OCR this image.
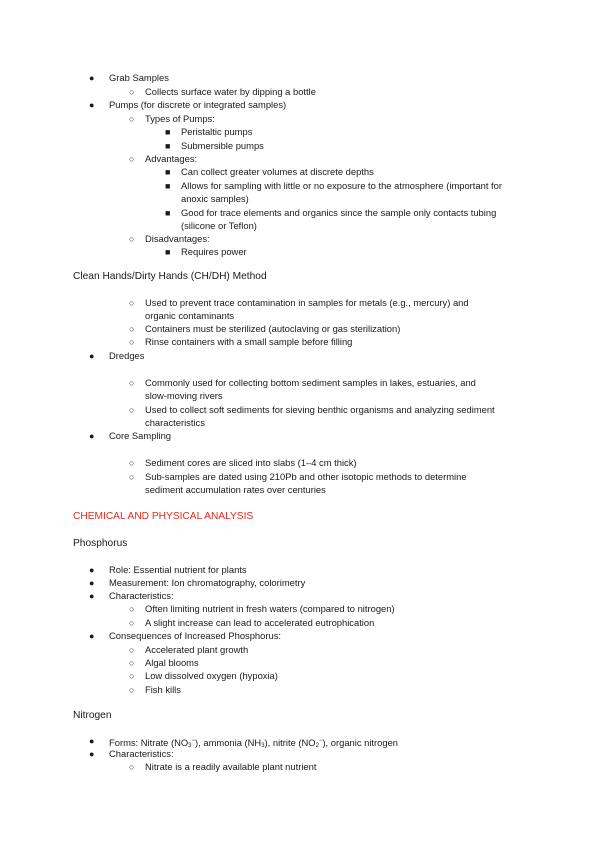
● Grab Samples
○ Collects surface water by dipping a bottle
● Pumps (for discrete or integrated samples)
○ Types of Pumps:
■ Peristaltic pumps
■ Submersible pumps
○ Advantages:
■ Can collect greater volumes at discrete depths
■ Allows for sampling with little or no exposure to the atmosphere (important for
anoxic samples)
■ Good for trace elements and organics since the sample only contacts tubing
(silicone or Teflon)
○ Disadvantages:
■ Requires power
Clean Hands/Dirty Hands (CH/DH) Method
○ Used to prevent trace contamination in samples for metals (e.g., mercury) and
organic contaminants
○ Containers must be sterilized (autoclaving or gas sterilization)
○ Rinse containers with a small sample before filling
● Dredges
○ Commonly used for collecting bottom sediment samples in lakes, estuaries, and
slow-moving rivers
○ Used to collect soft sediments for sieving benthic organisms and analyzing sediment
characteristics
● Core Sampling
○ Sediment cores are sliced into slabs (1–4 cm thick)
○ Sub-samples are dated using 210Pb and other isotopic methods to determine
sediment accumulation rates over centuries
CHEMICAL AND PHYSICAL ANALYSIS
Phosphorus
● Role: Essential nutrient for plants
● Measurement: Ion chromatography, colorimetry
● Characteristics:
○ Often limiting nutrient in fresh waters (compared to nitrogen)
○ A slight increase can lead to accelerated eutrophication
● Consequences of Increased Phosphorus:
○ Accelerated plant growth
○ Algal blooms
○ Low dissolved oxygen (hypoxia)
○ Fish kills
Nitrogen
● Forms: Nitrate $(NO_3^-)$, ammonia $(NH_3)$, nitrite $(NO_2^-)$, organic nitrogen
● Characteristics:
○ Nitrate is a readily available plant nutrient
